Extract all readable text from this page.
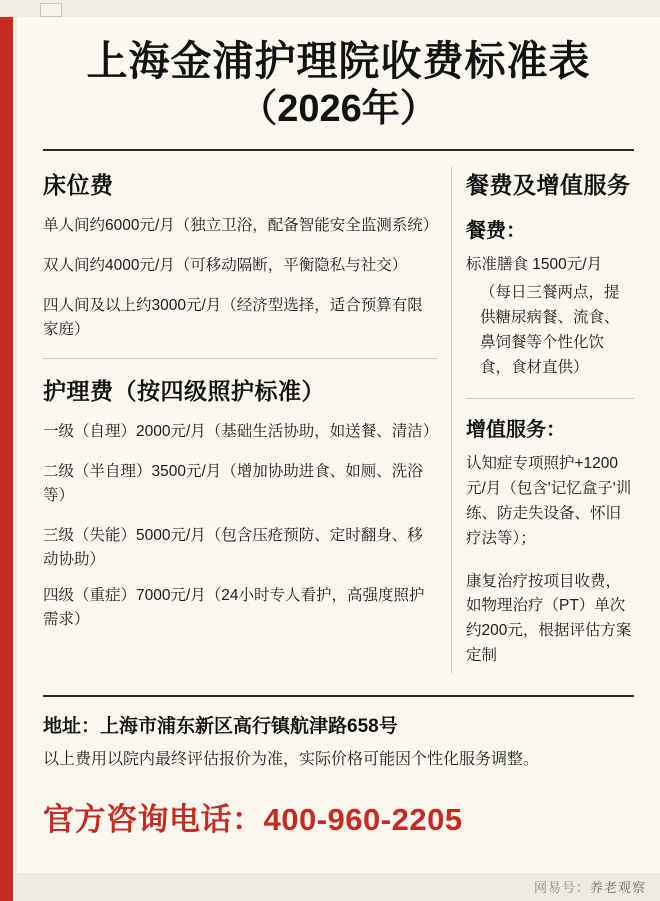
上海金浦护理院收费标准表
（2026年）
床位费
单人间约6000元/月（独立卫浴，配备智能安全监测系统）
双人间约4000元/月（可移动隔断，平衡隐私与社交）
四人间及以上约3000元/月（经济型选择，适合预算有限家庭）
护理费（按四级照护标准）
一级（自理）2000元/月（基础生活协助，如送餐、清洁）
二级（半自理）3500元/月（增加协助进食、如厕、洗浴等）
三级（失能）5000元/月（包含压疮预防、定时翻身、移动协助）
四级（重症）7000元/月（24小时专人看护，高强度照护需求）
餐费及增值服务
餐费：
标准膳食 1500元/月
（每日三餐两点，提供糖尿病餐、流食、鼻饲餐等个性化饮食，食材直供）
增值服务：
认知症专项照护+1200元/月（包含'记忆盒子'训练、防走失设备、怀旧疗法等）；
康复治疗按项目收费，如物理治疗（PT）单次约200元，根据评估方案定制
地址：上海市浦东新区高行镇航津路658号
以上费用以院内最终评估报价为准，实际价格可能因个性化服务调整。
官方咨询电话：400-960-2205
网易号：养老观察
